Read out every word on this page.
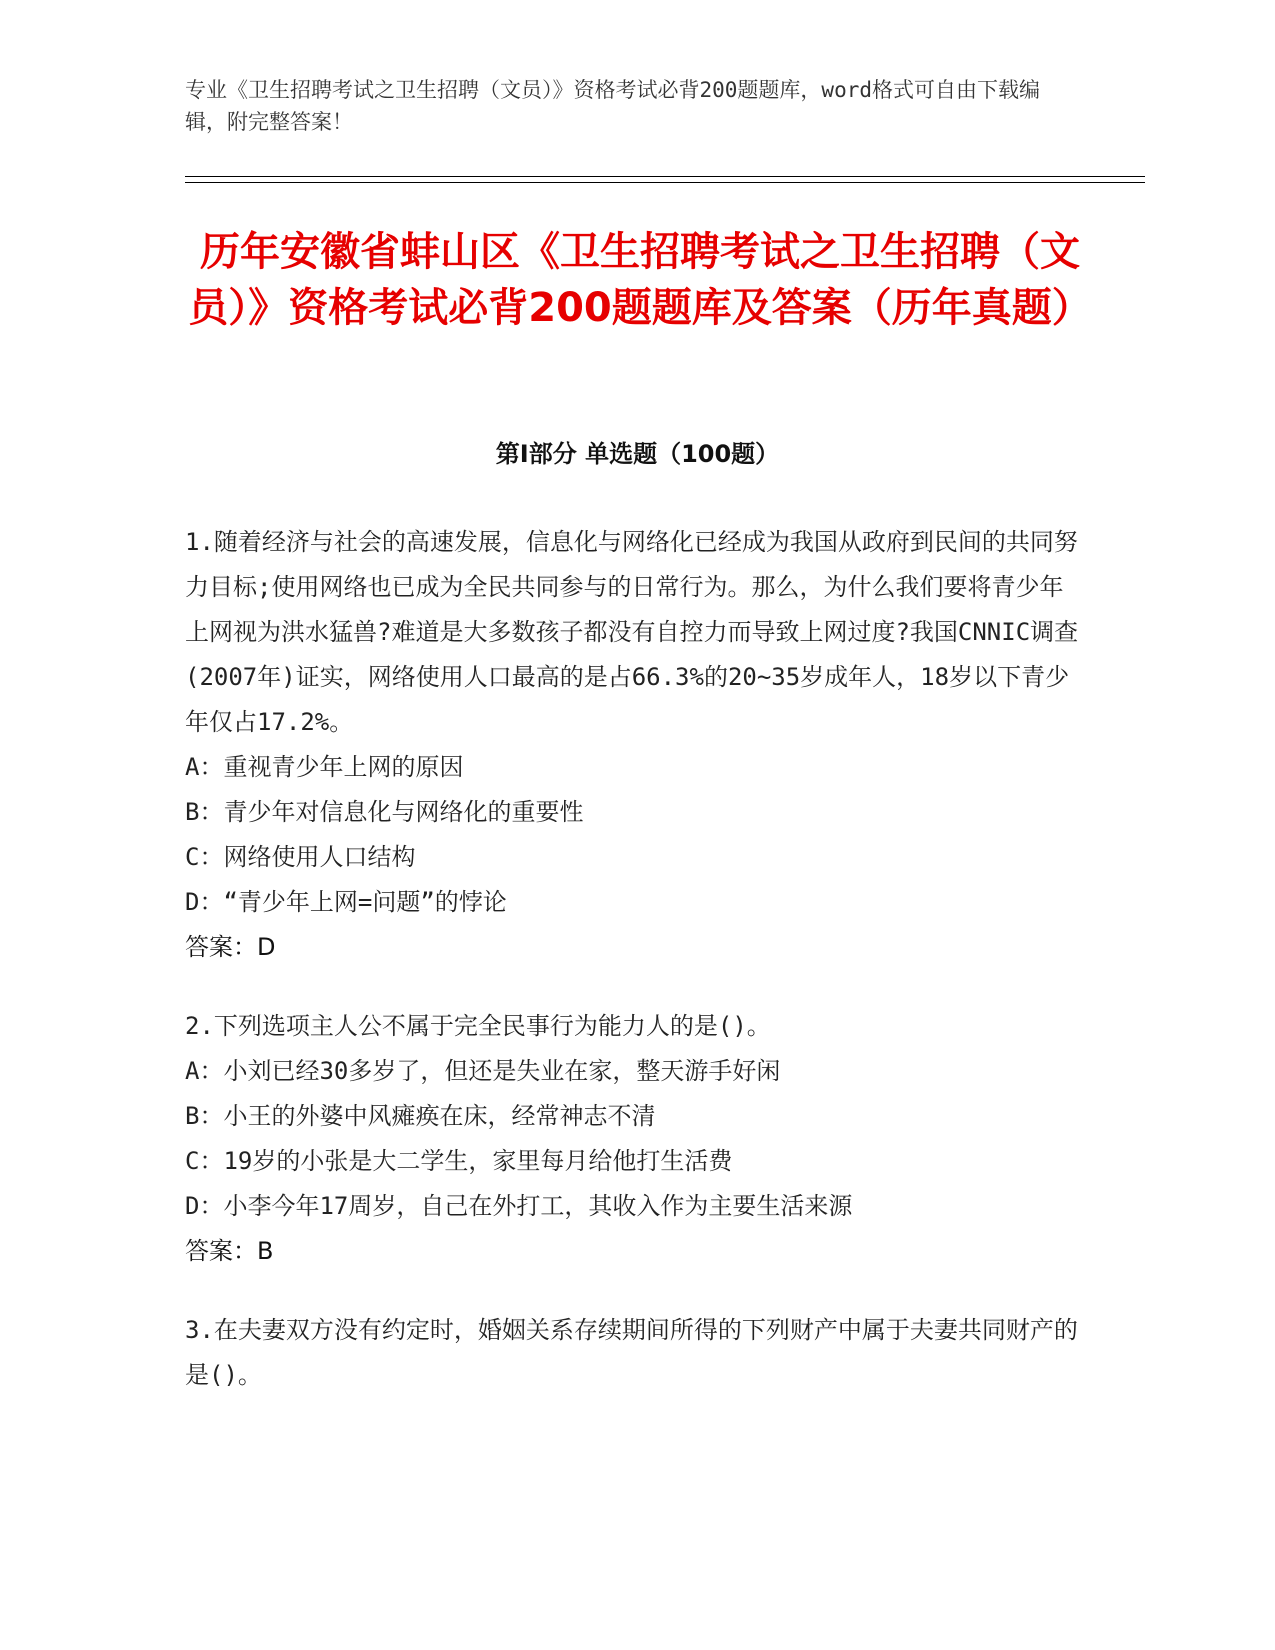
专业《卫生招聘考试之卫生招聘（文员）》资格考试必背200题题库，word格式可自由下载编辑，附完整答案！
历年安徽省蚌山区《卫生招聘考试之卫生招聘（文员）》资格考试必背200题题库及答案（历年真题）
第Ⅰ部分 单选题（100题）
1.随着经济与社会的高速发展，信息化与网络化已经成为我国从政府到民间的共同努力目标;使用网络也已成为全民共同参与的日常行为。那么，为什么我们要将青少年上网视为洪水猛兽?难道是大多数孩子都没有自控力而导致上网过度?我国CNNIC调查(2007年)证实，网络使用人口最高的是占66.3%的20~35岁成年人，18岁以下青少年仅占17.2%。
A：重视青少年上网的原因
B：青少年对信息化与网络化的重要性
C：网络使用人口结构
D：“青少年上网=问题”的悖论
答案：D
2.下列选项主人公不属于完全民事行为能力人的是()。
A：小刘已经30多岁了，但还是失业在家，整天游手好闲
B：小王的外婆中风瘫痪在床，经常神志不清
C：19岁的小张是大二学生，家里每月给他打生活费
D：小李今年17周岁，自己在外打工，其收入作为主要生活来源
答案：B
3.在夫妻双方没有约定时，婚姻关系存续期间所得的下列财产中属于夫妻共同财产的是()。
